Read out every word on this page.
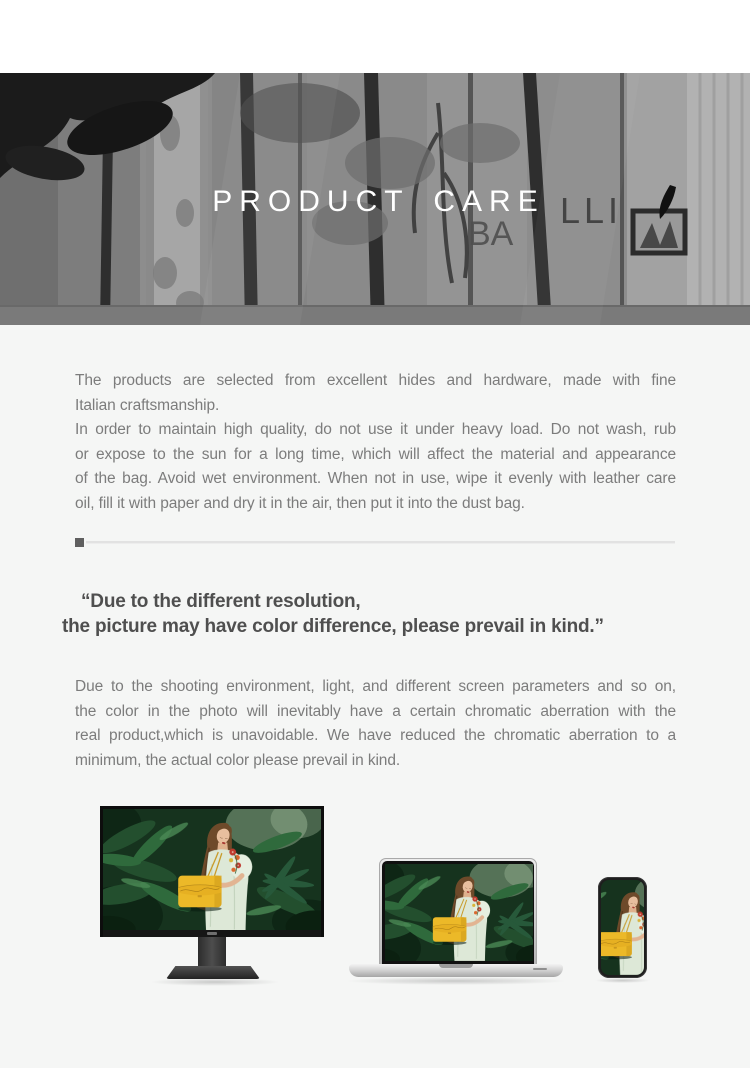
BA
LLI
PRODUCT CARE
The products are selected from excellent hides and hardware, made with fine
Italian craftsmanship.
In order to maintain high quality, do not use it under heavy load. Do not wash, rub
or expose to the sun for a long time, which will affect the material and appearance
of the bag. Avoid wet environment. When not in use, wipe it evenly with leather care
oil, fill it with paper and dry it in the air, then put it into the dust bag.
“Due to the different resolution,
the picture may have color difference, please prevail in kind.”
Due to the shooting environment, light, and different screen parameters and so on,
the color in the photo will inevitably have a certain chromatic aberration with the
real product,which is unavoidable. We have reduced the chromatic aberration to a
minimum, the actual color please prevail in kind.
